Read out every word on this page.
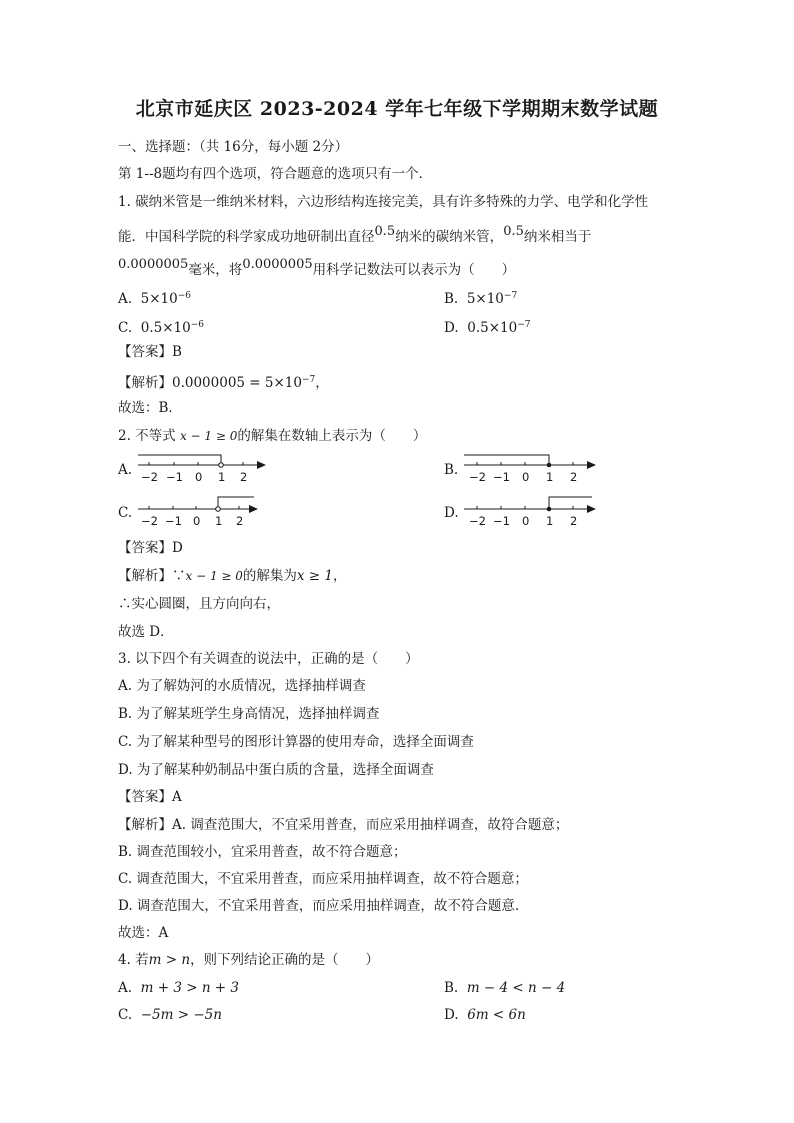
北京市延庆区 2023-2024 学年七年级下学期期末数学试题
一、选择题：（共 16分，每小题 2分）
第 1--8题均有四个选项，符合题意的选项只有一个．
1. 碳纳米管是一维纳米材料，六边形结构连接完美，具有许多特殊的力学、电学和化学性
能．中国科学院的科学家成功地研制出直径$^{0.5}$纳米的碳纳米管，$^{0.5}$纳米相当于
$^{0.0000005}$毫米，将$^{0.0000005}$用科学记数法可以表示为（　　）
A. $5\times 10^{-6}$	B. $5\times 10^{-7}$
C. $0.5\times 10^{-6}$	D. $0.5\times 10^{-7}$
【答案】B
【解析】$0.0000005 = 5\times 10^{-7}$，
故选：B．
2. 不等式 x − 1 ≥ 0的解集在数轴上表示为（　　）
A.	B.
C.	D.
−2 −1 0 1 2	−2 −1 0 1 2
−2 −1 0 1 2	−2 −1 0 1 2
【答案】D
【解析】∵x − 1 ≥ 0的解集为x ≥ 1，
∴实心圆圈，且方向向右，
故选 D．
3. 以下四个有关调查的说法中，正确的是（　　）
A. 为了解妫河的水质情况，选择抽样调查
B. 为了解某班学生身高情况，选择抽样调查
C. 为了解某种型号的图形计算器的使用寿命，选择全面调查
D. 为了解某种奶制品中蛋白质的含量，选择全面调查
【答案】A
【解析】A. 调查范围大，不宜采用普查，而应采用抽样调查，故符合题意；
B. 调查范围较小，宜采用普查，故不符合题意；
C. 调查范围大，不宜采用普查，而应采用抽样调查，故不符合题意；
D. 调查范围大，不宜采用普查，而应采用抽样调查，故不符合题意.
故选：A
4. 若m > n，则下列结论正确的是（　　）
A. m + 3 > n + 3	B. m − 4 < n − 4
C. −5m > −5n	D. 6m < 6n
